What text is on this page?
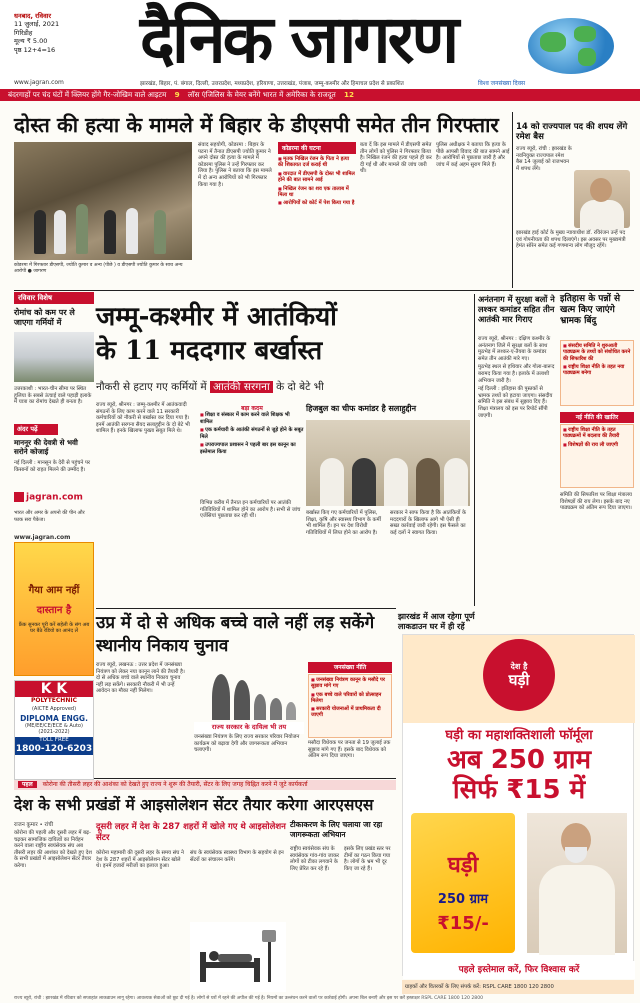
धनबाद, रविवार
11 जुलाई, 2021
गिरिडीह
मूल्य ₹ 5.00
पृष्ठ 12+4=16	दैनिक जागरण
www.jagran.com	झारखंड, बिहार, पं. बंगाल, दिल्ली, उत्तरप्रदेश, मध्यप्रदेश, हरियाणा, उत्तराखंड, पंजाब, जम्मू-कश्मीर और हिमाचल प्रदेश से प्रकाशित	विश्व जनसंख्या दिवस
बंदरगाहों पर चंद घंटों में क्लियर होंगे गैर-जोखिम वाले आइटम 9 लॉस एंजिलिस के मेयर बनेंगे भारत में अमेरिका के राजदूत 12
दोस्त की हत्या के मामले में बिहार के डीएसपी समेत तीन गिरफ्तार
कोडरमा में गिरफ्तार डीएसपी, ज्योति कुमार व अन्य (पीछे ) व डीएसपी ज्योति कुमार के साथ अन्य आरोपी ● जागरण
संवाद सहयोगी, कोडरमा : बिहार के पटना में तैनात डीएसपी ज्योति कुमार ने अपने दोस्त की हत्या के मामले में कोडरमा पुलिस ने उन्हें गिरफ्तार कर लिया है। पुलिस ने बताया कि इस मामले में दो अन्य आरोपियों को भी गिरफ्तार किया गया है।
कोडरमा की घटना
■ मृतक निखिल रंजन के पिता ने हत्या की शिकायत दर्ज कराई थी
■ वारदात में डीएसपी के दोस्त भी शामिल होने की बात सामने आई
■ निखिल रंजन का शव एक तालाब में मिला था
■ आरोपियों को कोर्ट में पेश किया गया है
बता दें कि इस मामले में डीएसपी समेत तीन लोगों को पुलिस ने गिरफ्तार किया है। निखिल रंजन की हत्या पहले ही कर दी गई थी और मामले की जांच जारी थी।
पुलिस अधीक्षक ने बताया कि हत्या के पीछे आपसी विवाद की बात सामने आई है। आरोपियों से पूछताछ जारी है और जांच में कई अहम सुराग मिले हैं।
14 को राज्यपाल पद की शपथ लेंगे रमेश बैस
राज्य ब्यूरो, रांची : झारखंड के नवनियुक्त राज्यपाल रमेश बैस 14 जुलाई को राजभवन में शपथ लेंगे।
झारखंड हाई कोर्ट के मुख्य न्यायाधीश डॉ. रविरंजन उन्हें पद एवं गोपनीयता की शपथ दिलाएंगे। इस अवसर पर मुख्यमंत्री हेमंत सोरेन समेत कई गणमान्य लोग मौजूद रहेंगे।
रविवार विशेष
रोमांच को कम पर ले जाएगा गर्मियों में
उत्तरकाशी : भारत-चीन सीमा पर स्थित हुलिया के सबसे ऊंचाई वाले पहाड़ी इलाके में यात्रा का रोमांच देखते ही बनता है।
अंदर पढ़ें
माननूर की देवत्री से भवी सरोने कोजाई
नई दिल्ली : मानसून के देरी से पहुंचने पर किसानों को राहत मिलने की उम्मीद है।
jagran.com
भारत और अमर के अपनो की पीन और फाक सरा पैकेज।
www.jagran.com
गैया आम नहीं
दास्तान है
फ्रैंक सुनकर पूरी करें सहेली के संग अब घर बैठे रेडियो का आनंद लें
K K
POLYTECHNIC
(AICTE Approved)
DIPLOMA ENGG.
(ME/EE/CE/ECE & Auto)
(2021-2022)
TOLL FREE
1800-120-6203
जम्मू-कश्मीर में आतंकियों
के 11 मददगार बर्खास्त
नौकरी से हटाए गए कर्मियों में आतंकी सरगना के दो बेटे भी
राज्य ब्यूरो, श्रीनगर : जम्मू-कश्मीर में आतंकवादी संगठनों के लिए काम करने वाले 11 सरकारी कर्मचारियों को नौकरी से बर्खास्त कर दिया गया है। इनमें आतंकी सरगना सैयद सलाहुद्दीन के दो बेटे भी शामिल हैं। इनके खिलाफ पुख्ता सबूत मिले थे।
बड़ा कदम
■ शिक्षा व संस्कार में काम करने वाले शिक्षक भी शामिल
■ एक कर्मचारी के आतंकी संगठनों से जुड़े होने के सबूत मिले
■ उपराज्यपाल प्रशासन ने पहली बार इस कानून का इस्तेमाल किया
हिजबुल का चीफ कमांडर है सलाहुद्दीन
विभिन्न करीब में तैनात इन कर्मचारियों पर आतंकी गतिविधियों में शामिल होने का आरोप है। सभी से जांच एजेंसियां पूछताछ कर रही थीं।
बर्खास्त किए गए कर्मचारियों में पुलिस, शिक्षा, कृषि और स्वास्थ्य विभाग के कर्मी भी शामिल हैं। इन पर देश विरोधी गतिविधियों में लिप्त होने का आरोप है।
सरकार ने साफ किया है कि आतंकियों के मददगारों के खिलाफ आगे भी ऐसी ही सख्त कार्रवाई जारी रहेगी। इस फैसले का कई दलों ने स्वागत किया।
अनंतनाग में सुरक्षा बलों ने लश्कर कमांडर सहित तीन आतंकी मार गिराए
इतिहास के पन्नों से खत्म किए जाएंगे भ्रामक बिंदु

राज्य ब्यूरो, श्रीनगर : दक्षिण कश्मीर के अनंतनाग जिले में सुरक्षा बलों के साथ मुठभेड़ में लश्कर-ए-तैयबा के कमांडर समेत तीन आतंकी मारे गए।

मुठभेड़ स्थल से हथियार और गोला-बारूद बरामद किया गया है। इलाके में तलाशी अभियान जारी है।

नई दिल्ली : इतिहास की पुस्तकों से भ्रामक तथ्यों को हटाया जाएगा। संसदीय समिति ने इस संबंध में सुझाव दिए हैं। शिक्षा मंत्रालय को इस पर रिपोर्ट सौंपी जाएगी।

■ संसदीय समिति ने शुरुआती पाठ्यक्रम के तथ्यों को संशोधित करने की सिफारिश की
■ राष्ट्रीय शिक्षा नीति के तहत नया पाठ्यक्रम बनेगा
नई नीति की खातिर
■ राष्ट्रीय शिक्षा नीति के तहत पाठ्यक्रमों में बदलाव की तैयारी
■ विशेषज्ञों की राय ली जाएगी
समिति की सिफारिश पर शिक्षा मंत्रालय विशेषज्ञों की राय लेगा। इसके बाद नए पाठ्यक्रम को अंतिम रूप दिया जाएगा।
उप्र में दो से अधिक बच्चे वाले नहीं लड़ सकेंगे स्थानीय निकाय चुनाव
राज्य ब्यूरो, लखनऊ : उत्तर प्रदेश में जनसंख्या नियंत्रण को लेकर नया कानून लाने की तैयारी है। दो से अधिक बच्चे वाले स्थानीय निकाय चुनाव नहीं लड़ सकेंगे। सरकारी नौकरी में भी उन्हें आवेदन का मौका नहीं मिलेगा।
राज्य सरकार के दायित्व भी तय
जनसंख्या नियंत्रण के लिए राज्य सरकार परिवार नियोजन कार्यक्रम को बढ़ावा देगी और जागरूकता अभियान चलाएगी।
जनसंख्या नीति
■ जनसंख्या नियंत्रण कानून के मसौदे पर सुझाव मांगे गए
■ एक बच्चे वाले परिवारों को प्रोत्साहन मिलेगा
■ सरकारी योजनाओं में प्राथमिकता दी जाएगी
मसौदा विधेयक पर जनता से 19 जुलाई तक सुझाव मांगे गए हैं। इसके बाद विधेयक को अंतिम रूप दिया जाएगा।
झारखंड में आज रहेगा पूर्ण लाकडाउन घर में ही रहें
देश है
घड़ी
घड़ी का महाशक्तिशाली फॉर्मूला
अब 250 ग्राम
सिर्फ ₹15 में
घड़ी
250 ग्राम
₹15/-
पहले इस्तेमाल करें, फिर विश्वास करें
ग्राहकों और वितरकों के लिए संपर्क करें: RSPL CARE 1800 120 2800
पहल कोरोना की तीसरी लहर की आशंका को देखते हुए राज्य ने शुरू की तैयारी, सेंटर के लिए जगह चिह्नित करने में जुटे कार्यकर्ता
देश के सभी प्रखंडों में आइसोलेशन सेंटर तैयार करेगा आरएसएस
राजन कुमार • रांची
कोरोना की पहली और दूसरी लहर में बढ़-चढ़कर सामाजिक दायित्वों का निर्वहन करने वाला राष्ट्रीय स्वयंसेवक संघ अब तीसरी लहर की आशंका को देखते हुए देश के सभी प्रखंडों में आइसोलेशन सेंटर तैयार करेगा।
दूसरी लहर में देश के 287 शहरों में खोले गए थे आइसोलेशन सेंटर
कोरोना महामारी की दूसरी लहर के समय संघ ने देश के 287 शहरों में आइसोलेशन सेंटर खोले थे। इनमें हजारों मरीजों का इलाज हुआ।
संघ के स्वयंसेवक स्वास्थ्य विभाग के सहयोग से इन सेंटरों का संचालन करेंगे।
टीकाकरण के लिए चलाया जा रहा जागरूकता अभियान
राष्ट्रीय स्वयंसेवक संघ के स्वयंसेवक गांव-गांव जाकर लोगों को टीका लगवाने के लिए प्रेरित कर रहे हैं।
इसके लिए प्रखंड स्तर पर टीमों का गठन किया गया है। लोगों के भ्रम भी दूर किए जा रहे हैं।
राज्य ब्यूरो, रांची : झारखंड में रविवार को सप्ताहांत लाकडाउन लागू रहेगा। आवश्यक सेवाओं को छूट दी गई है। लोगों से घरों में रहने की अपील की गई है। नियमों का उल्लंघन करने वालों पर कार्रवाई होगी। अपना बिल बनाएँ और इस पर करें हस्ताक्षर RSPL CARE 1800 120 2800
